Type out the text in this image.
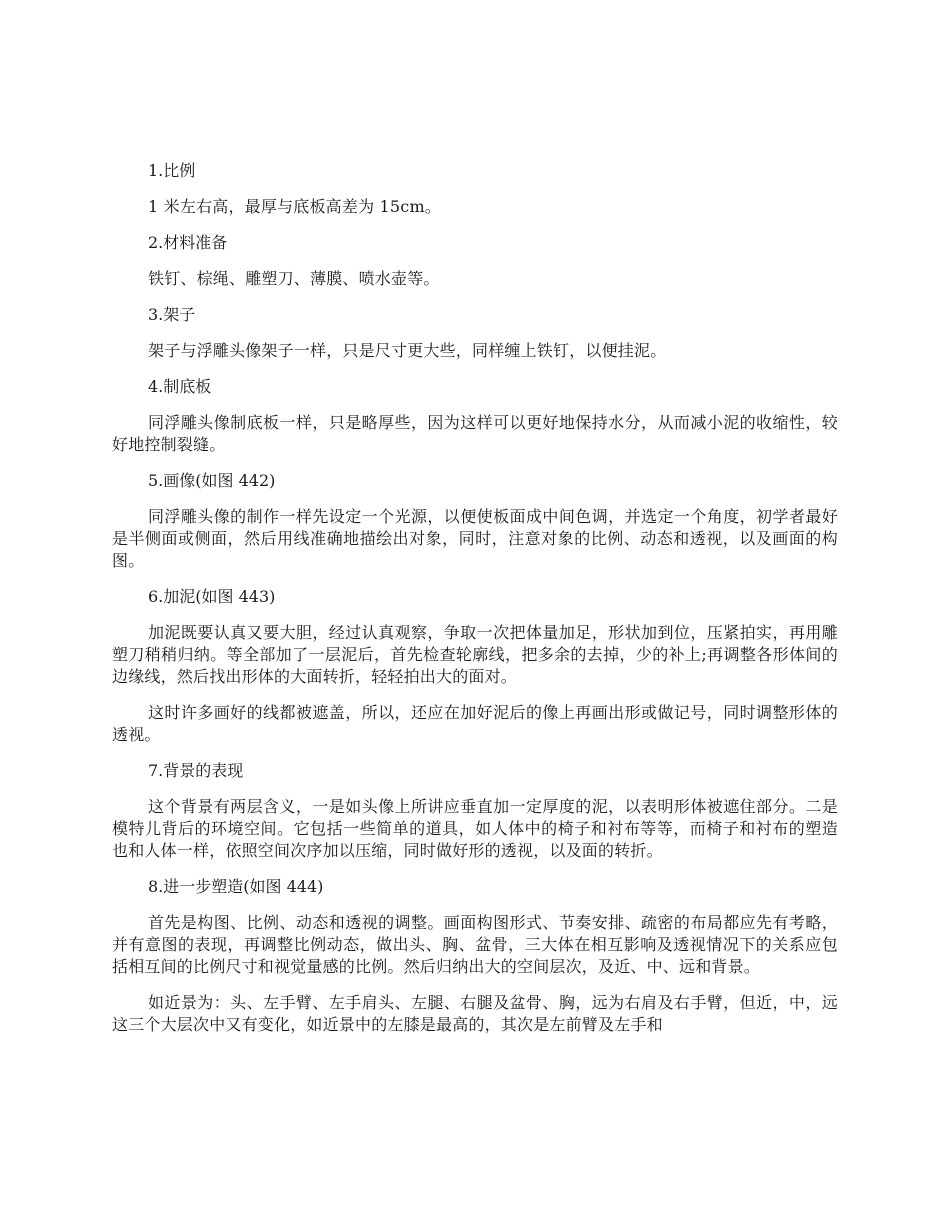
1.比例
1 米左右高，最厚与底板高差为 15cm。
2.材料准备
铁钉、棕绳、雕塑刀、薄膜、喷水壶等。
3.架子
架子与浮雕头像架子一样，只是尺寸更大些，同样缠上铁钉，以便挂泥。
4.制底板
同浮雕头像制底板一样，只是略厚些，因为这样可以更好地保持水分，从而减小泥的收缩性，较好地控制裂缝。
5.画像(如图 442)
同浮雕头像的制作一样先设定一个光源，以便使板面成中间色调，并选定一个角度，初学者最好是半侧面或侧面，然后用线准确地描绘出对象，同时，注意对象的比例、动态和透视，以及画面的构图。
6.加泥(如图 443)
加泥既要认真又要大胆，经过认真观察，争取一次把体量加足，形状加到位，压紧拍实，再用雕塑刀稍稍归纳。等全部加了一层泥后，首先检查轮廓线，把多余的去掉，少的补上;再调整各形体间的边缘线，然后找出形体的大面转折，轻轻拍出大的面对。
这时许多画好的线都被遮盖，所以，还应在加好泥后的像上再画出形或做记号，同时调整形体的透视。
7.背景的表现
这个背景有两层含义，一是如头像上所讲应垂直加一定厚度的泥，以表明形体被遮住部分。二是模特儿背后的环境空间。它包括一些简单的道具，如人体中的椅子和衬布等等，而椅子和衬布的塑造也和人体一样，依照空间次序加以压缩，同时做好形的透视，以及面的转折。
8.进一步塑造(如图 444)
首先是构图、比例、动态和透视的调整。画面构图形式、节奏安排、疏密的布局都应先有考略，并有意图的表现，再调整比例动态，做出头、胸、盆骨，三大体在相互影响及透视情况下的关系应包括相互间的比例尺寸和视觉量感的比例。然后归纳出大的空间层次，及近、中、远和背景。
如近景为：头、左手臂、左手肩头、左腿、右腿及盆骨、胸，远为右肩及右手臂，但近，中，远这三个大层次中又有变化，如近景中的左膝是最高的，其次是左前臂及左手和
